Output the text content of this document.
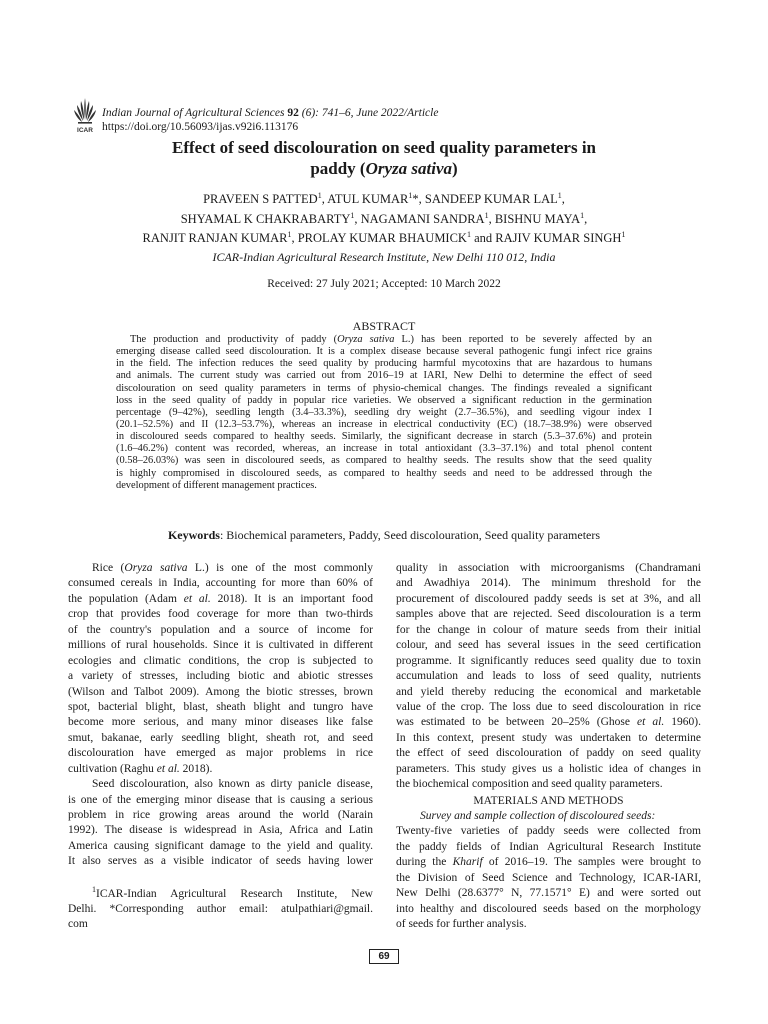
ICAR
Indian Journal of Agricultural Sciences 92 (6): 741–6, June 2022/Article
https://doi.org/10.56093/ijas.v92i6.113176
Effect of seed discolouration on seed quality parameters in
paddy (Oryza sativa)
PRAVEEN S PATTED$^1$, ATUL KUMAR$^1$*, SANDEEP KUMAR LAL$^1$,
SHYAMAL K CHAKRABARTY$^1$, NAGAMANI SANDRA$^1$, BISHNU MAYA$^1$,
RANJIT RANJAN KUMAR$^1$, PROLAY KUMAR BHAUMICK$^1$ and RAJIV KUMAR SINGH$^1$
ICAR-Indian Agricultural Research Institute, New Delhi 110 012, India
Received: 27 July 2021; Accepted: 10 March 2022
ABSTRACT
The production and productivity of paddy (Oryza sativa L.) has been reported to be severely affected by an
emerging disease called seed discolouration. It is a complex disease because several pathogenic fungi infect rice grains
in the field. The infection reduces the seed quality by producing harmful mycotoxins that are hazardous to humans
and animals. The current study was carried out from 2016–19 at IARI, New Delhi to determine the effect of seed
discolouration on seed quality parameters in terms of physio-chemical changes. The findings revealed a significant
loss in the seed quality of paddy in popular rice varieties. We observed a significant reduction in the germination
percentage (9–42%), seedling length (3.4–33.3%), seedling dry weight (2.7–36.5%), and seedling vigour index I
(20.1–52.5%) and II (12.3–53.7%), whereas an increase in electrical conductivity (EC) (18.7–38.9%) were observed
in discoloured seeds compared to healthy seeds. Similarly, the significant decrease in starch (5.3–37.6%) and protein
(1.6–46.2%) content was recorded, whereas, an increase in total antioxidant (3.3–37.1%) and total phenol content
(0.58–26.03%) was seen in discoloured seeds, as compared to healthy seeds. The results show that the seed quality
is highly compromised in discoloured seeds, as compared to healthy seeds and need to be addressed through the
development of different management practices.
Keywords: Biochemical parameters, Paddy, Seed discolouration, Seed quality parameters
Rice (Oryza sativa L.) is one of the most commonly
consumed cereals in India, accounting for more than 60% of
the population (Adam et al. 2018). It is an important food
crop that provides food coverage for more than two-thirds
of the country's population and a source of income for
millions of rural households. Since it is cultivated in different
ecologies and climatic conditions, the crop is subjected to
a variety of stresses, including biotic and abiotic stresses
(Wilson and Talbot 2009). Among the biotic stresses, brown
spot, bacterial blight, blast, sheath blight and tungro have
become more serious, and many minor diseases like false
smut, bakanae, early seedling blight, sheath rot, and seed
discolouration have emerged as major problems in rice
cultivation (Raghu et al. 2018).
Seed discolouration, also known as dirty panicle disease,
is one of the emerging minor disease that is causing a serious
problem in rice growing areas around the world (Narain
1992). The disease is widespread in Asia, Africa and Latin
America causing significant damage to the yield and quality.
It also serves as a visible indicator of seeds having lower
$^1$ICAR-Indian Agricultural Research Institute, New
Delhi. *Corresponding author email: atulpathiari@gmail.
com
quality in association with microorganisms (Chandramani
and Awadhiya 2014). The minimum threshold for the
procurement of discoloured paddy seeds is set at 3%, and all
samples above that are rejected. Seed discolouration is a term
for the change in colour of mature seeds from their initial
colour, and seed has several issues in the seed certification
programme. It significantly reduces seed quality due to toxin
accumulation and leads to loss of seed quality, nutrients
and yield thereby reducing the economical and marketable
value of the crop. The loss due to seed discolouration in rice
was estimated to be between 20–25% (Ghose et al. 1960).
In this context, present study was undertaken to determine
the effect of seed discolouration of paddy on seed quality
parameters. This study gives us a holistic idea of changes in
the biochemical composition and seed quality parameters.
MATERIALS AND METHODS
Survey and sample collection of discoloured seeds:
Twenty-five varieties of paddy seeds were collected from
the paddy fields of Indian Agricultural Research Institute
during the Kharif of 2016–19. The samples were brought to
the Division of Seed Science and Technology, ICAR-IARI,
New Delhi (28.6377° N, 77.1571° E) and were sorted out
into healthy and discoloured seeds based on the morphology
of seeds for further analysis.
69
